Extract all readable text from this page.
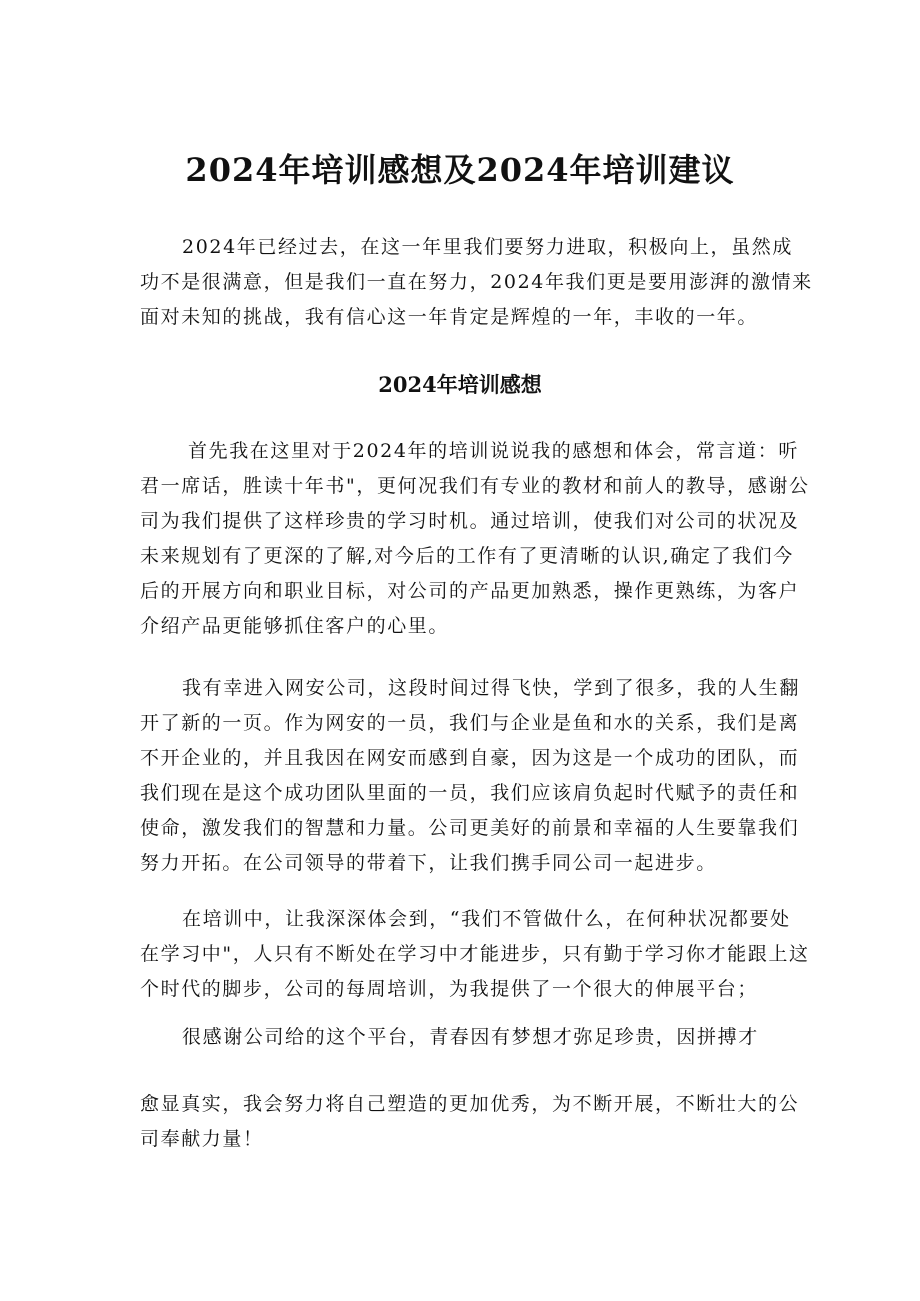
2024年培训感想及2024年培训建议
2024年已经过去，在这一年里我们要努力进取，积极向上，虽然成
功不是很满意，但是我们一直在努力，2024年我们更是要用澎湃的激情来
面对未知的挑战，我有信心这一年肯定是辉煌的一年，丰收的一年。
2024年培训感想
首先我在这里对于2024年的培训说说我的感想和体会，常言道：听
君一席话，胜读十年书"，更何况我们有专业的教材和前人的教导，感谢公
司为我们提供了这样珍贵的学习时机。通过培训，使我们对公司的状况及
未来规划有了更深的了解,对今后的工作有了更清晰的认识,确定了我们今
后的开展方向和职业目标，对公司的产品更加熟悉，操作更熟练，为客户
介绍产品更能够抓住客户的心里。
我有幸进入网安公司，这段时间过得飞快，学到了很多，我的人生翻
开了新的一页。作为网安的一员，我们与企业是鱼和水的关系，我们是离
不开企业的，并且我因在网安而感到自豪，因为这是一个成功的团队，而
我们现在是这个成功团队里面的一员，我们应该肩负起时代赋予的责任和
使命，激发我们的智慧和力量。公司更美好的前景和幸福的人生要靠我们
努力开拓。在公司领导的带着下，让我们携手同公司一起进步。
在培训中，让我深深体会到，“我们不管做什么，在何种状况都要处
在学习中"，人只有不断处在学习中才能进步，只有勤于学习你才能跟上这
个时代的脚步，公司的每周培训，为我提供了一个很大的伸展平台；
很感谢公司给的这个平台，青春因有梦想才弥足珍贵，因拼搏才
愈显真实，我会努力将自己塑造的更加优秀，为不断开展，不断壮大的公
司奉献力量！
